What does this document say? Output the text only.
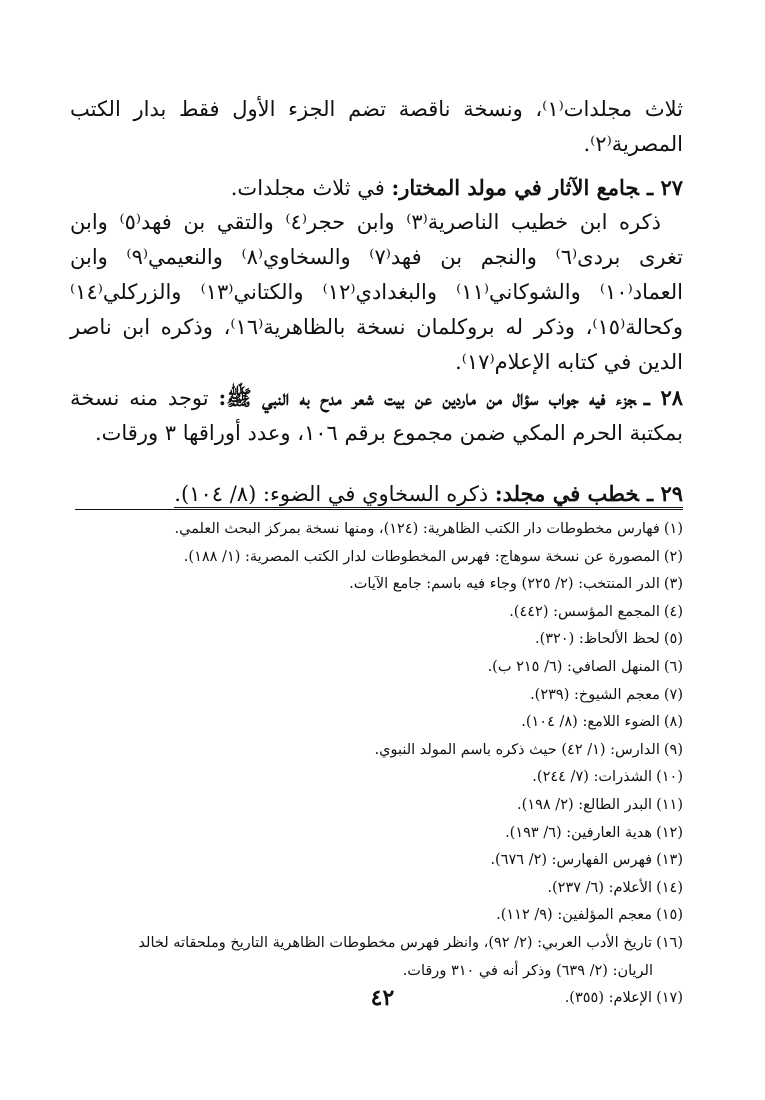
ثلاث مجلدات⁽١⁾، ونسخة ناقصة تضم الجزء الأول فقط بدار الكتب المصرية⁽٢⁾.

٢٧ ـجامع الآثار في مولد المختار: في ثلاث مجلدات.

ذكره ابن خطيب الناصرية⁽٣⁾ وابن حجر⁽٤⁾ والتقي بن فهد⁽٥⁾ وابن تغرى بردى⁽٦⁾ والنجم بن فهد⁽٧⁾ والسخاوي⁽٨⁾ والنعيمي⁽٩⁾ وابن العماد⁽١٠⁾ والشوكاني⁽١١⁾ والبغدادي⁽١٢⁾ والكتاني⁽١٣⁾ والزركلي⁽١٤⁾ وكحالة⁽١٥⁾، وذكر له بروكلمان نسخة بالظاهرية⁽١٦⁾، وذكره ابن ناصر الدين في كتابه الإعلام⁽١٧⁾.

٢٨ ـجزء فيه جواب سؤال من ماردين عن بيت شعر مدح به النبي ﷺ: توجد منه نسخة بمكتبة الحرم المكي ضمن مجموع برقم ١٠٦، وعدد أوراقها ٣ ورقات.

٢٩ ـخطب في مجلد: ذكره السخاوي في الضوء: (٨/ ١٠٤).

(١)فهارس مخطوطات دار الكتب الظاهرية: (١٢٤)، ومنها نسخة بمركز البحث العلمي.
(٢)المصورة عن نسخة سوهاج: فهرس المخطوطات لدار الكتب المصرية: (١/ ١٨٨).
(٣)الدر المنتخب: (٢/ ٢٢٥) وجاء فيه باسم: جامع الآيات.
(٤)المجمع المؤسس: (٤٤٢).
(٥)لحظ الألحاظ: (٣٢٠).
(٦)المنهل الصافي: (٦/ ٢١٥ ب).
(٧)معجم الشيوخ: (٢٣٩).
(٨)الضوء اللامع: (٨/ ١٠٤).
(٩)الدارس: (١/ ٤٢) حيث ذكره باسم المولد النبوي.
(١٠)الشذرات: (٧/ ٢٤٤).
(١١)البدر الطالع: (٢/ ١٩٨).
(١٢)هدية العارفين: (٦/ ١٩٣).
(١٣)فهرس الفهارس: (٢/ ٦٧٦).
(١٤)الأعلام: (٦/ ٢٣٧).
(١٥)معجم المؤلفين: (٩/ ١١٢).
(١٦)تاريخ الأدب العربي: (٢/ ٩٢)، وانظر فهرس مخطوطات الظاهرية التاريخ وملحقاته لخالد
الريان: (٢/ ٦٣٩) وذكر أنه في ٣١٠ ورقات.
(١٧)الإعلام: (٣٥٥).
٤٢
